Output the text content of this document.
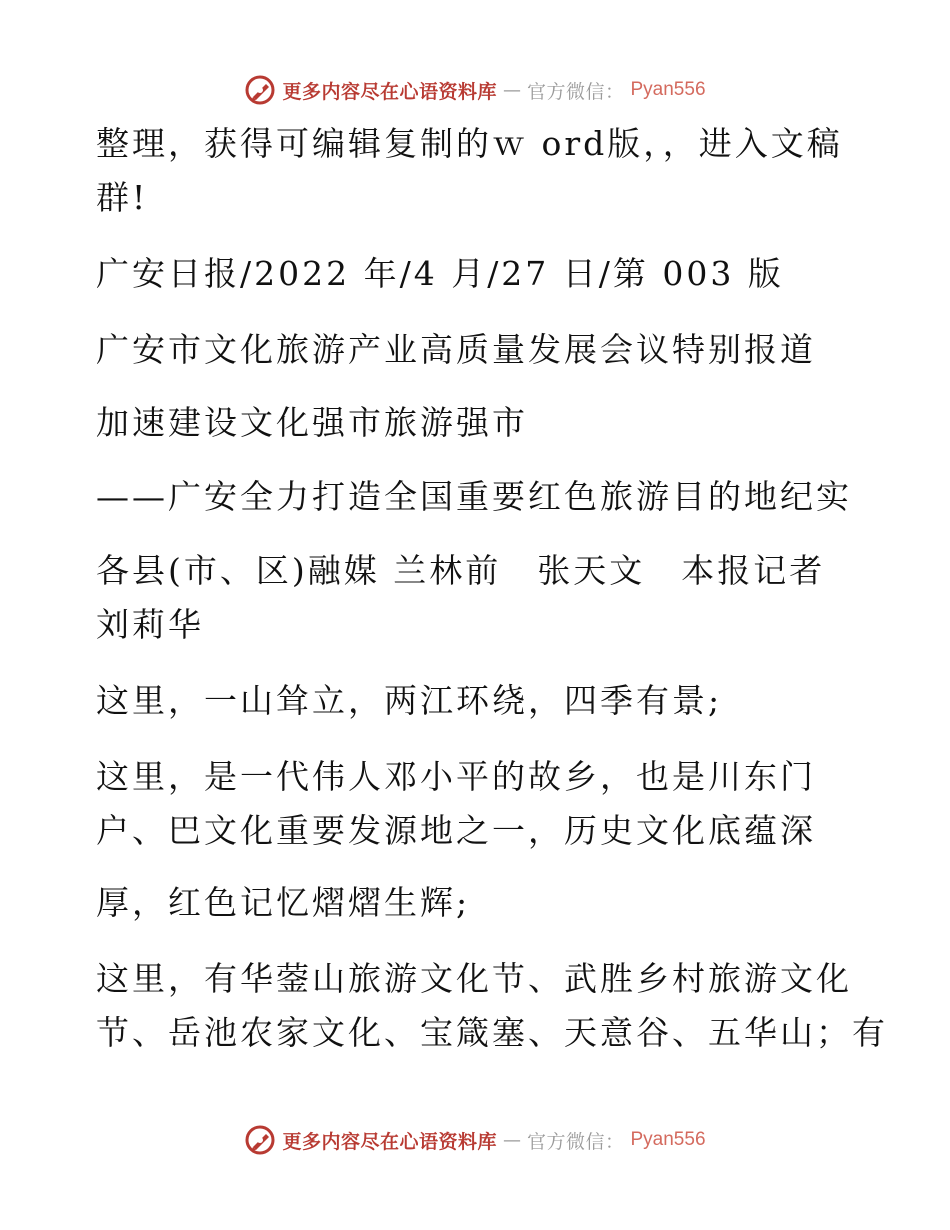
更多内容尽在心语资料库 — 官方微信： Pyan556
整理，获得可编辑复制的ｗ ord版，，进入文稿
群!
广安日报/2022 年/4 月/27 日/第 003 版
广安市文化旅游产业高质量发展会议特别报道
加速建设文化强市旅游强市
——广安全力打造全国重要红色旅游目的地纪实
各县(市、区)融媒 兰林前　张天文　本报记者
刘莉华
这里，一山耸立，两江环绕，四季有景;
这里，是一代伟人邓小平的故乡，也是川东门
户、巴文化重要发源地之一，历史文化底蕴深
厚，红色记忆熠熠生辉;
这里，有华蓥山旅游文化节、武胜乡村旅游文化
节、岳池农家文化、宝箴塞、天意谷、五华山；有
更多内容尽在心语资料库 — 官方微信： Pyan556
